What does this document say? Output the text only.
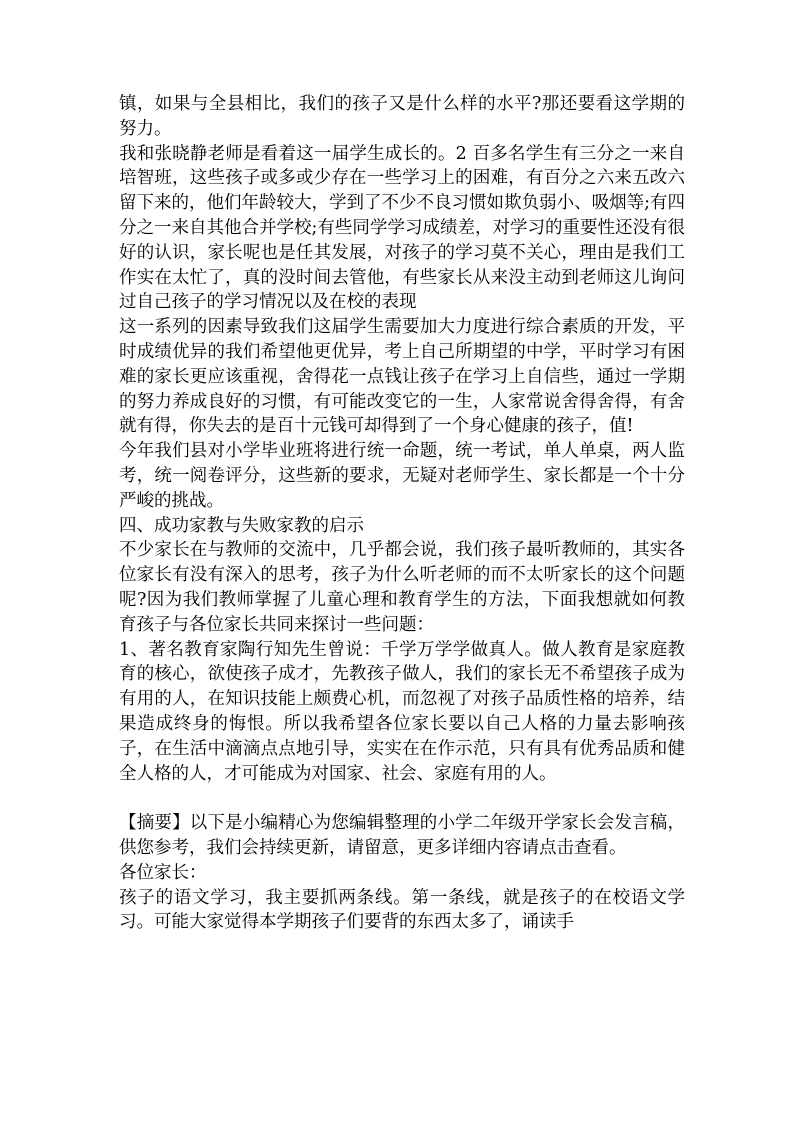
镇，如果与全县相比，我们的孩子又是什么样的水平?那还要看这学期的努力。

我和张晓静老师是看着这一届学生成长的。2 百多名学生有三分之一来自培智班，这些孩子或多或少存在一些学习上的困难，有百分之六来五改六留下来的，他们年龄较大，学到了不少不良习惯如欺负弱小、吸烟等;有四分之一来自其他合并学校;有些同学学习成绩差，对学习的重要性还没有很好的认识，家长呢也是任其发展，对孩子的学习莫不关心，理由是我们工作实在太忙了，真的没时间去管他，有些家长从来没主动到老师这儿询问过自己孩子的学习情况以及在校的表现

这一系列的因素导致我们这届学生需要加大力度进行综合素质的开发，平时成绩优异的我们希望他更优异，考上自己所期望的中学，平时学习有困难的家长更应该重视，舍得花一点钱让孩子在学习上自信些，通过一学期的努力养成良好的习惯，有可能改变它的一生，人家常说舍得舍得，有舍就有得，你失去的是百十元钱可却得到了一个身心健康的孩子，值!

今年我们县对小学毕业班将进行统一命题，统一考试，单人单桌，两人监考，统一阅卷评分，这些新的要求，无疑对老师学生、家长都是一个十分严峻的挑战。

四、成功家教与失败家教的启示

不少家长在与教师的交流中，几乎都会说，我们孩子最听教师的，其实各位家长有没有深入的思考，孩子为什么听老师的而不太听家长的这个问题呢?因为我们教师掌握了儿童心理和教育学生的方法，下面我想就如何教育孩子与各位家长共同来探讨一些问题：

1、著名教育家陶行知先生曾说：千学万学学做真人。做人教育是家庭教育的核心，欲使孩子成才，先教孩子做人，我们的家长无不希望孩子成为有用的人，在知识技能上颇费心机，而忽视了对孩子品质性格的培养，结果造成终身的悔恨。所以我希望各位家长要以自己人格的力量去影响孩子，在生活中滴滴点点地引导，实实在在作示范，只有具有优秀品质和健全人格的人，才可能成为对国家、社会、家庭有用的人。

【摘要】以下是小编精心为您编辑整理的小学二年级开学家长会发言稿，供您参考，我们会持续更新，请留意，更多详细内容请点击查看。

各位家长：

孩子的语文学习，我主要抓两条线。第一条线，就是孩子的在校语文学习。可能大家觉得本学期孩子们要背的东西太多了，诵读手
